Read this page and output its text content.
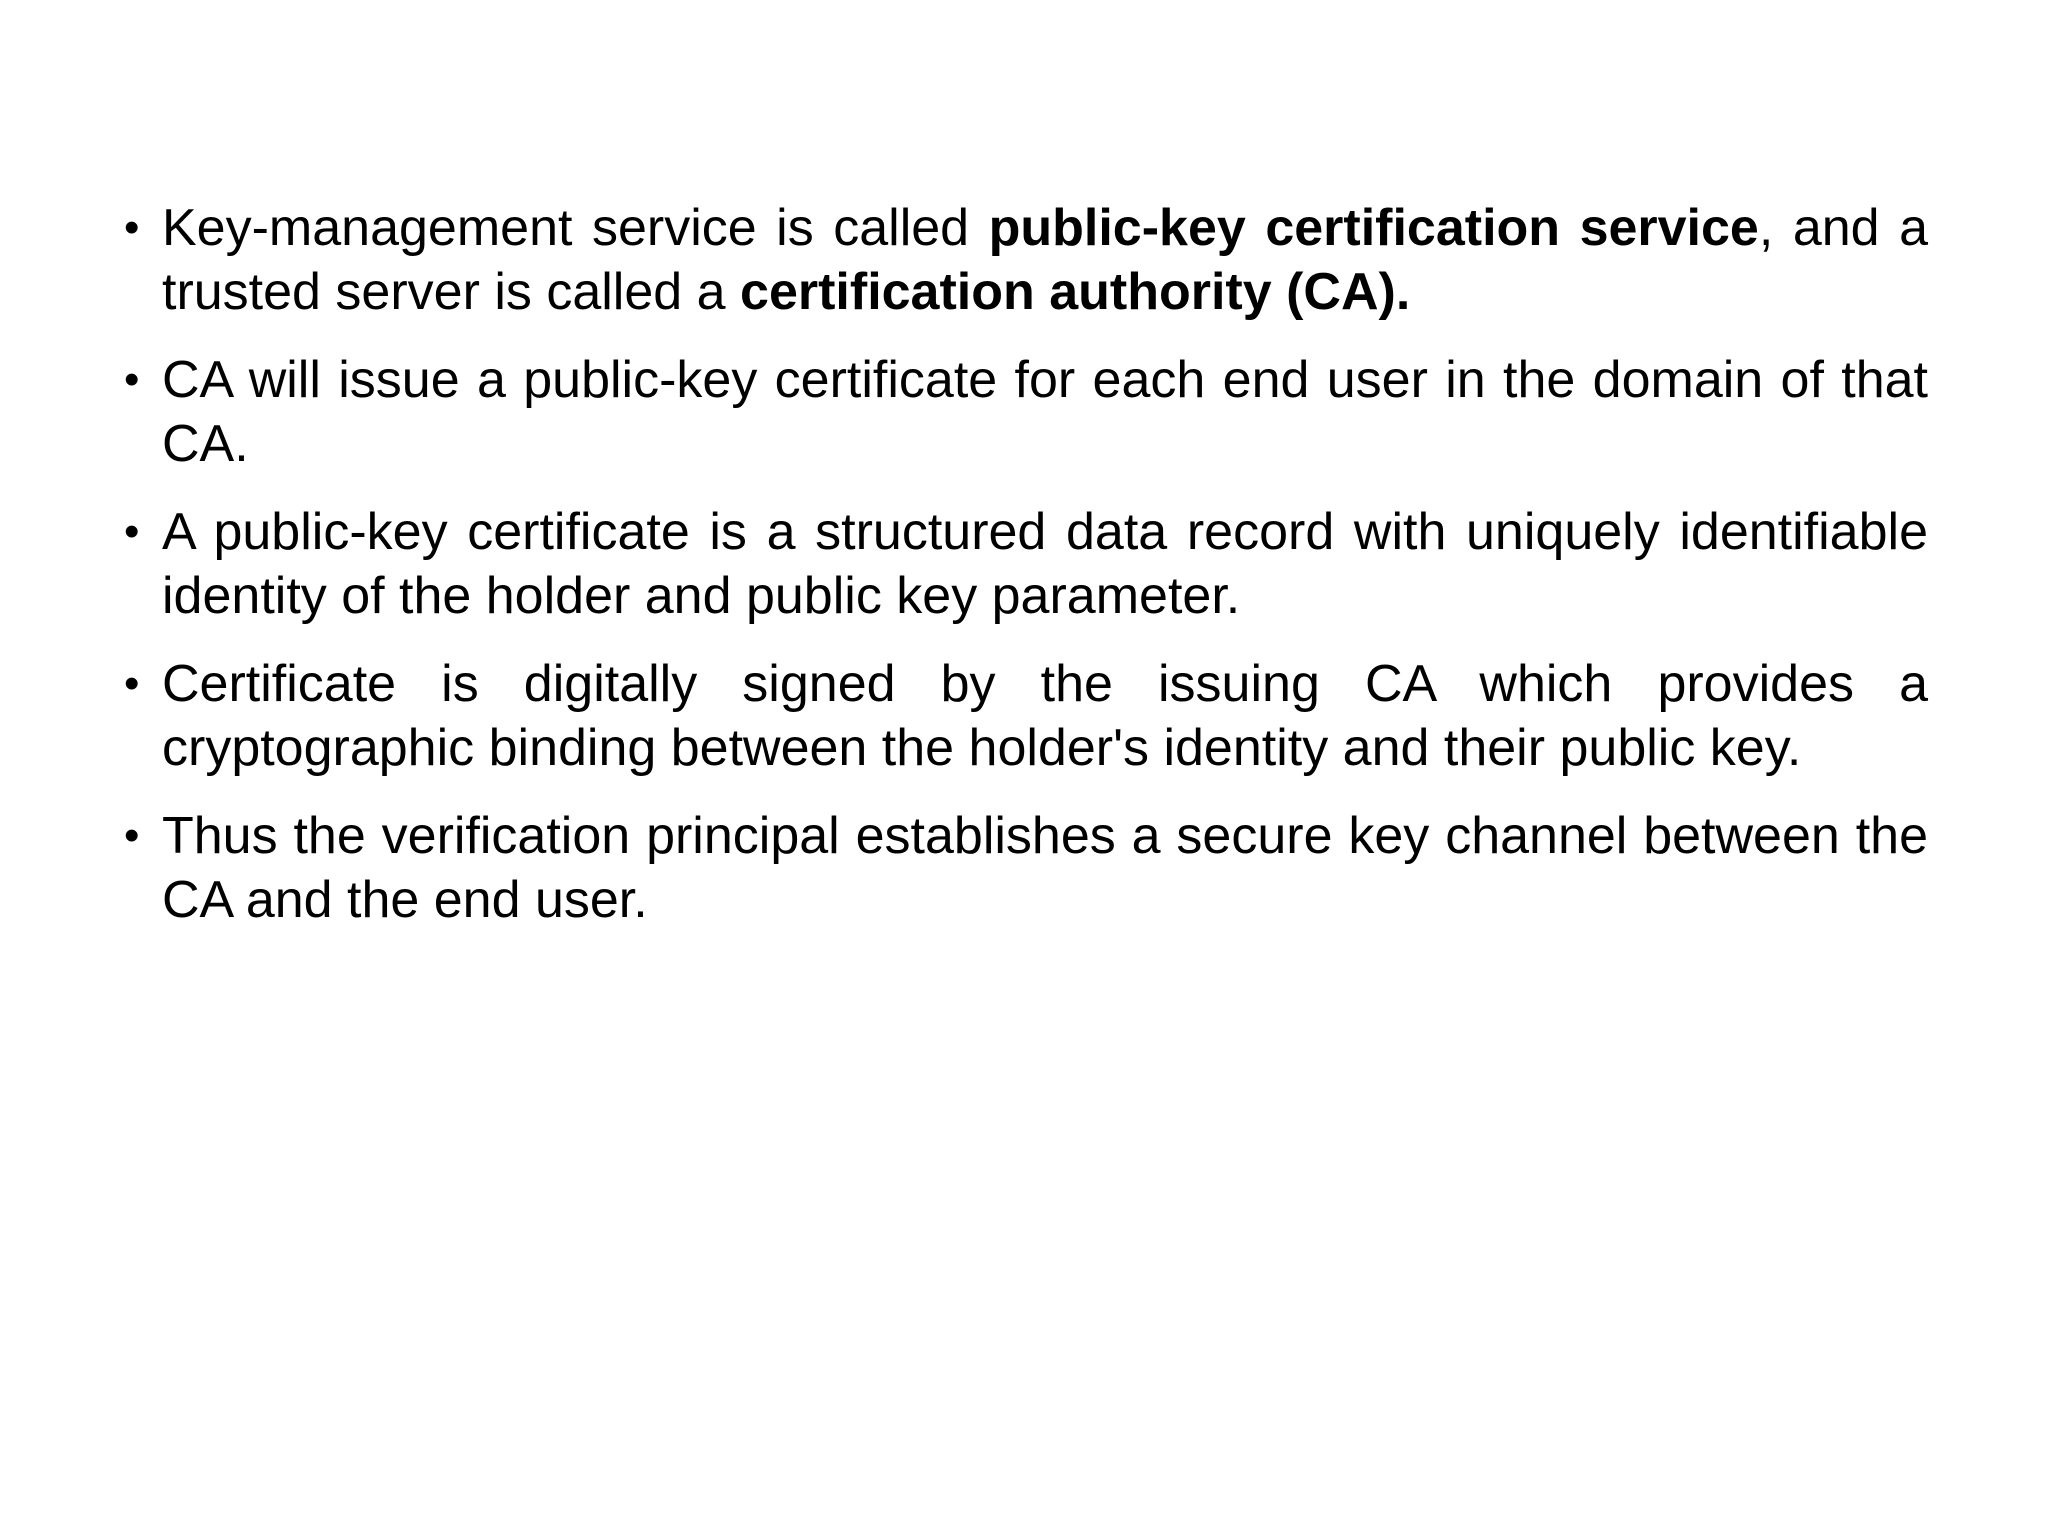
• Key-management service is called public-key certification service, and a trusted server is called a certification authority (CA).
• CA will issue a public-key certificate for each end user in the domain of that CA.
• A public-key certificate is a structured data record with uniquely identifiable identity of the holder and public key parameter.
• Certificate is digitally signed by the issuing CA which provides a cryptographic binding between the holder's identity and their public key.
• Thus the verification principal establishes a secure key channel between the CA and the end user.
